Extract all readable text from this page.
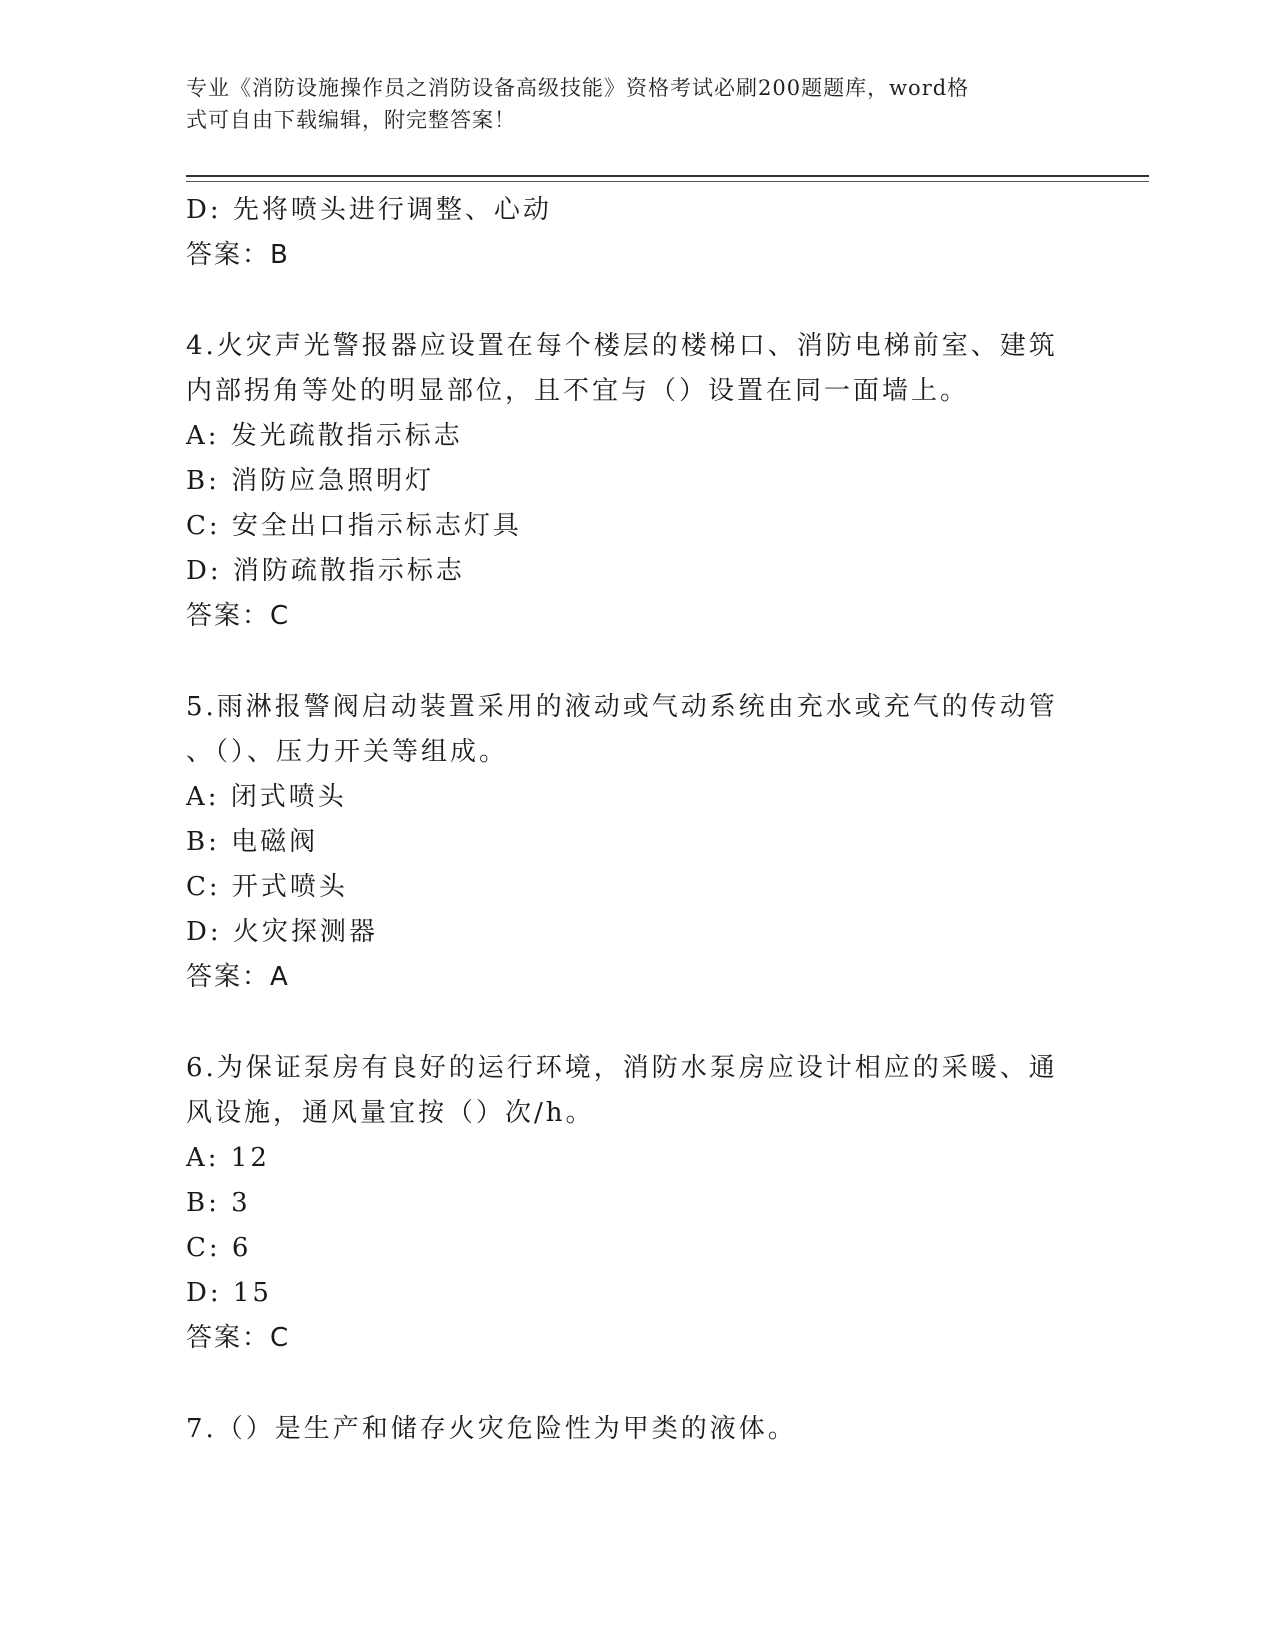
专业《消防设施操作员之消防设备高级技能》资格考试必刷200题题库，word格
式可自由下载编辑，附完整答案！

D: 先将喷头进行调整、心动

答案：B

4.火灾声光警报器应设置在每个楼层的楼梯口、消防电梯前室、建筑

内部拐角等处的明显部位，且不宜与（）设置在同一面墙上。

A: 发光疏散指示标志

B: 消防应急照明灯

C: 安全出口指示标志灯具

D: 消防疏散指示标志

答案：C

5.雨淋报警阀启动装置采用的液动或气动系统由充水或充气的传动管

、（）、压力开关等组成。

A: 闭式喷头

B: 电磁阀

C: 开式喷头

D: 火灾探测器

答案：A

6.为保证泵房有良好的运行环境，消防水泵房应设计相应的采暖、通

风设施，通风量宜按（）次/h。

A: 12

B: 3

C: 6

D: 15

答案：C

7.（）是生产和储存火灾危险性为甲类的液体。
